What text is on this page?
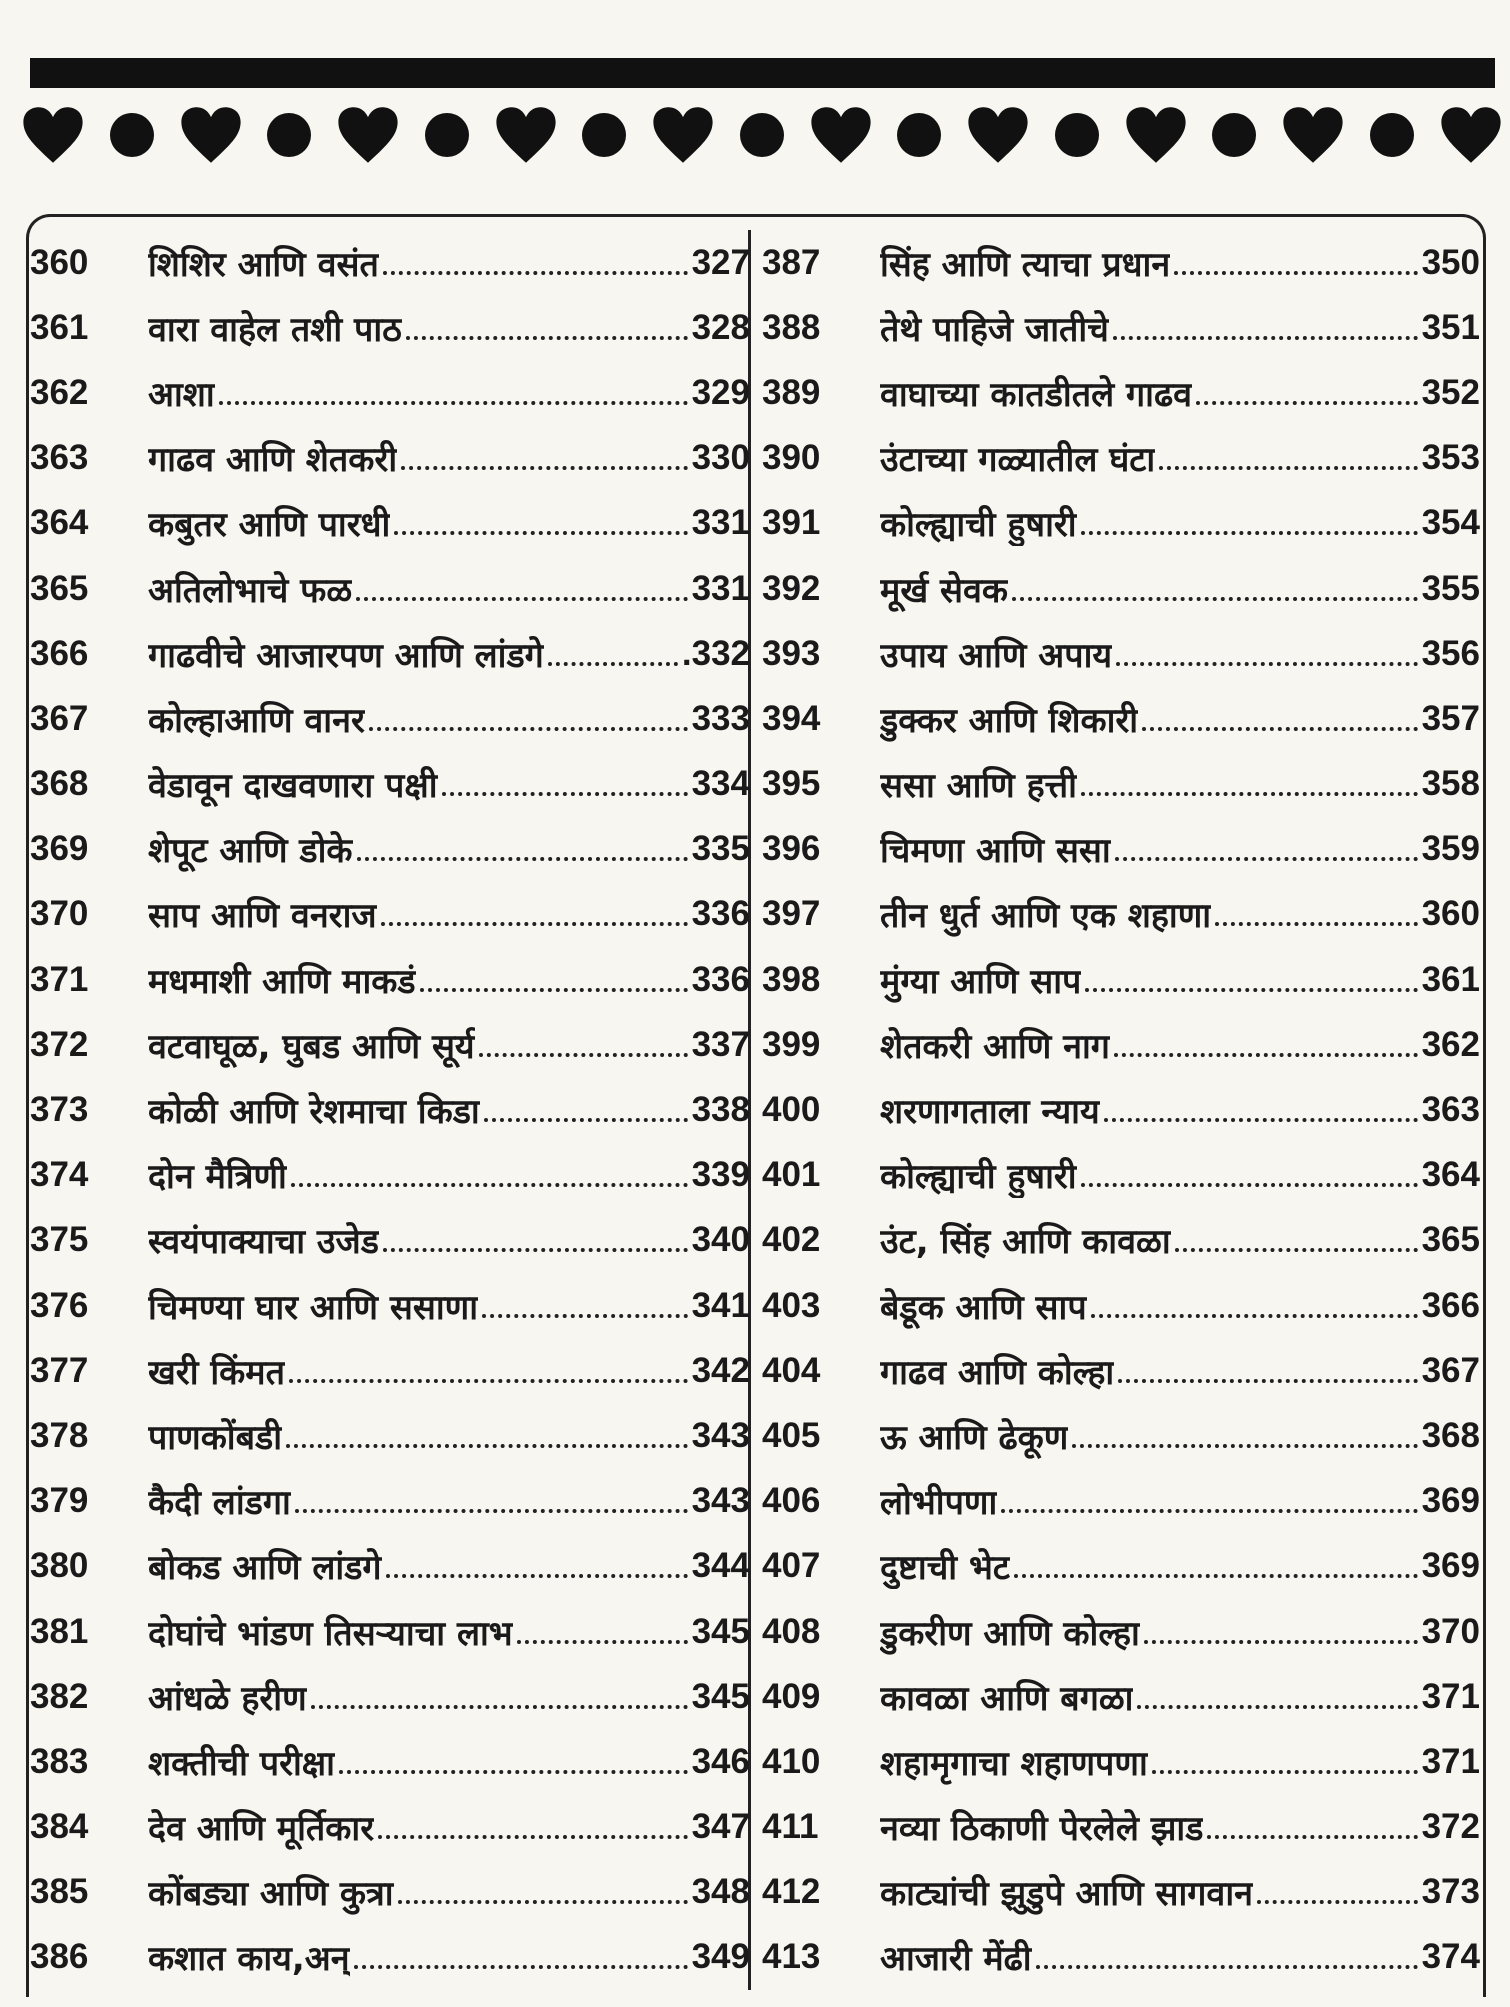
360	शिशिर आणि वसंत	327
361	वारा वाहेल तशी पाठ	328
362	आशा	329
363	गाढव आणि शेतकरी	330
364	कबुतर आणि पारधी	331
365	अतिलोभाचे फळ	331
366	गाढवीचे आजारपण आणि लांडगे	.332
367	कोल्हाआणि वानर	333
368	वेडावून दाखवणारा पक्षी	334
369	शेपूट आणि डोके	335
370	साप आणि वनराज	336
371	मधमाशी आणि माकडं	336
372	वटवाघूळ, घुबड आणि सूर्य	337
373	कोळी आणि रेशमाचा किडा	338
374	दोन मैत्रिणी	339
375	स्वयंपाक्याचा उजेड	340
376	चिमण्या घार आणि ससाणा	341
377	खरी किंमत	342
378	पाणकोंबडी	343
379	कैदी लांडगा	343
380	बोकड आणि लांडगे	344
381	दोघांचे भांडण तिसऱ्याचा लाभ	345
382	आंधळे हरीण	345
383	शक्तीची परीक्षा	346
384	देव आणि मूर्तिकार	347
385	कोंबड्या आणि कुत्रा	348
386	कशात काय,अन्	349
387	सिंह आणि त्याचा प्रधान	350
388	तेथे पाहिजे जातीचे	351
389	वाघाच्या कातडीतले गाढव	352
390	उंटाच्या गळ्यातील घंटा	353
391	कोल्ह्याची हुषारी	354
392	मूर्ख सेवक	355
393	उपाय आणि अपाय	356
394	डुक्कर आणि शिकारी	357
395	ससा आणि हत्ती	358
396	चिमणा आणि ससा	359
397	तीन धुर्त आणि एक शहाणा	360
398	मुंग्या आणि साप	361
399	शेतकरी आणि नाग	362
400	शरणागताला न्याय	363
401	कोल्ह्याची हुषारी	364
402	उंट, सिंह आणि कावळा	365
403	बेडूक आणि साप	366
404	गाढव आणि कोल्हा	367
405	ऊ आणि ढेकूण	368
406	लोभीपणा	369
407	दुष्टाची भेट	369
408	डुकरीण आणि कोल्हा	370
409	कावळा आणि बगळा	371
410	शहामृगाचा शहाणपणा	371
411	नव्या ठिकाणी पेरलेले झाड	372
412	काट्यांची झुडुपे आणि सागवान	373
413	आजारी मेंढी	374
